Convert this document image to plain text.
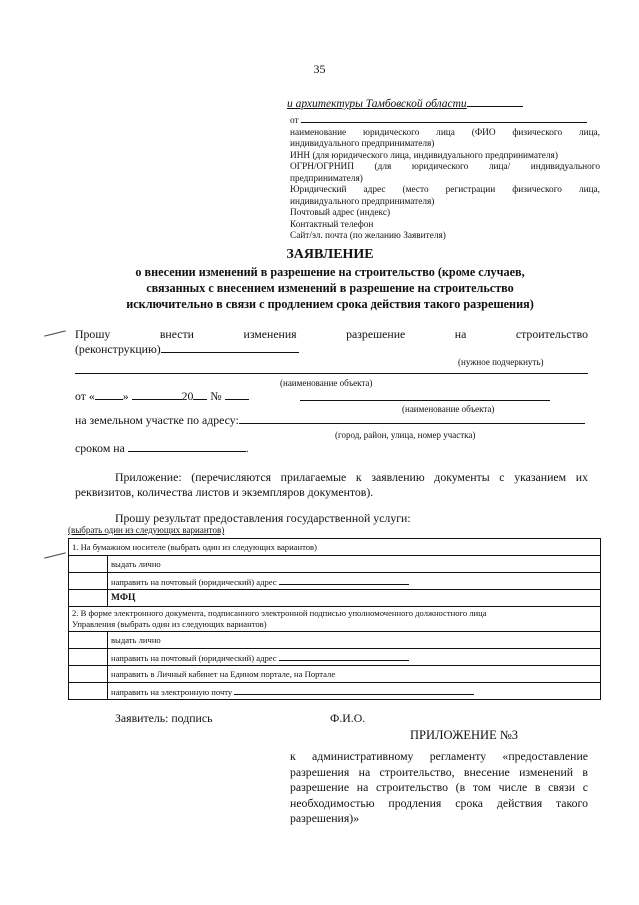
35
и архитектуры Тамбовской области
от
наименование юридического лица (ФИО физического лица,
индивидуального предпринимателя)
ИНН (для юридического лица, индивидуального предпринимателя)
ОГРН/ОГРНИП (для юридического лица/ индивидуального
предпринимателя)
Юридический адрес (место регистрации физического лица,
индивидуального предпринимателя)
Почтовый адрес (индекс)
Контактный телефон
Сайт/эл. почта (по желанию Заявителя)
ЗАЯВЛЕНИЕ
о внесении изменений в разрешение на строительство (кроме случаев,
связанных с внесением изменений в разрешение на строительство
исключительно в связи с продлением срока действия такого разрешения)
Прошу	внести	изменения	разрешение	на	строительство
(реконструкцию)
(нужное подчеркнуть)
(наименование объекта)
от « »	20 №
(наименование объекта)
на земельном участке по адресу:
(город, район, улица, номер участка)
сроком на	.
Приложение: (перечисляются прилагаемые к заявлению документы с указанием их
реквизитов, количества листов и экземпляров документов).
Прошу результат предоставления государственной услуги:
(выбрать один из следующих вариантов)
1. На бумажном носителе (выбрать один из следующих вариантов)	
	выдать лично
	направить на почтовый (юридический) адрес
	МФЦ

2. В форме электронного документа, подписанного электронной подписью уполномоченного должностного лица
Управления (выбрать один из следующих вариантов)	

	выдать лично
	направить на почтовый (юридический) адрес
	направить в Личный кабинет на Едином портале, на Портале
	направить на электронную почту
Заявитель: подпись	Ф.И.О.
ПРИЛОЖЕНИЕ №3
к административному регламенту «предоставление
разрешения на строительство, внесение изменений в
разрешение на строительство (в том числе в связи с
необходимостью продления срока действия такого
разрешения)»
